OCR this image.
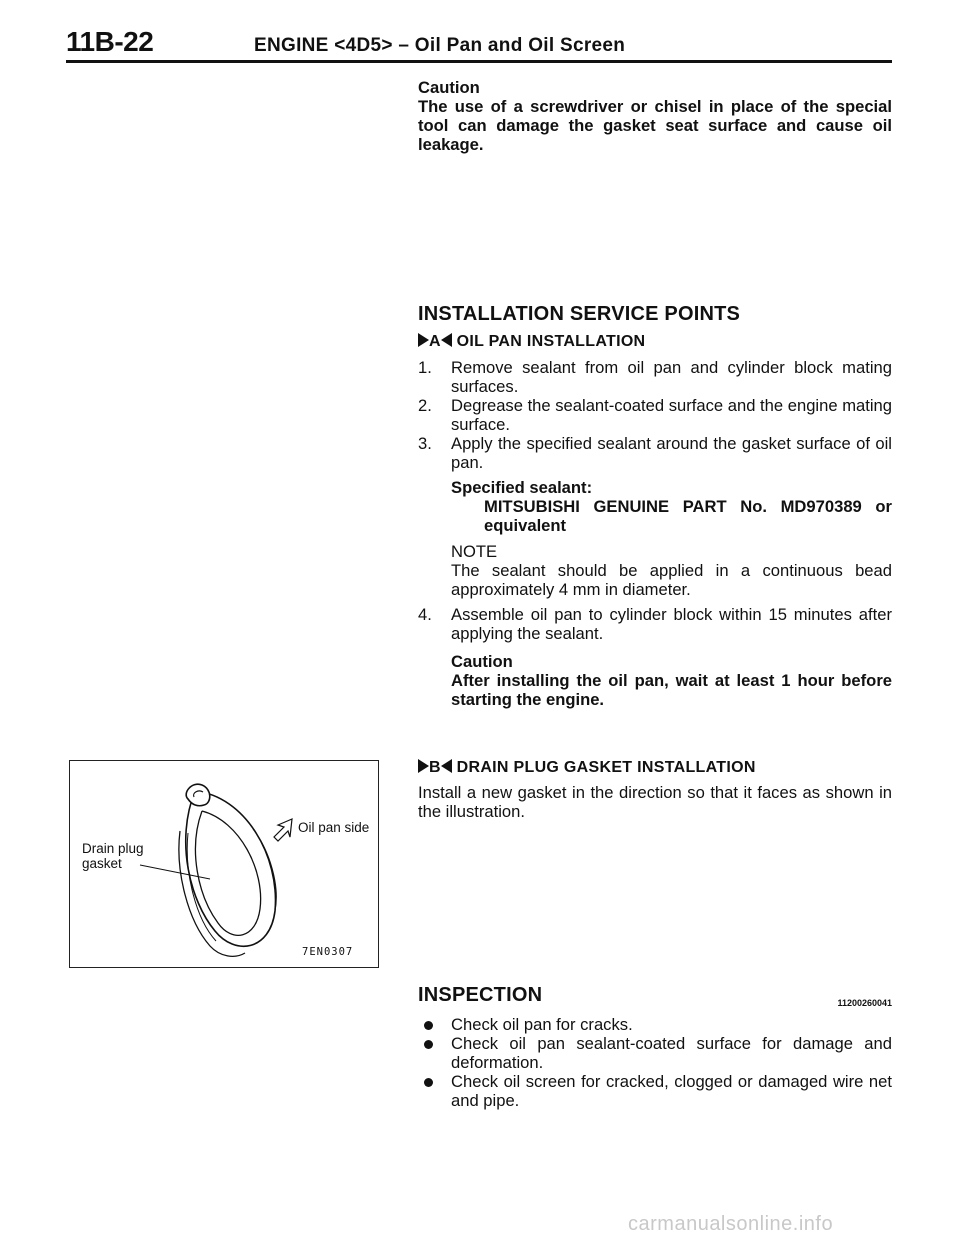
11B-22	ENGINE <4D5> – Oil Pan and Oil Screen
Caution
The use of a screwdriver or chisel in place of the special tool can damage the gasket seat surface and cause oil leakage.
INSTALLATION SERVICE POINTS
A OIL PAN INSTALLATION
1. Remove sealant from oil pan and cylinder block mating surfaces.
2. Degrease the sealant-coated surface and the engine mating surface.
3. Apply the specified sealant around the gasket surface of oil pan.
Specified sealant:
MITSUBISHI GENUINE PART No. MD970389 or equivalent
NOTE
The sealant should be applied in a continuous bead approximately 4 mm in diameter.
4. Assemble oil pan to cylinder block within 15 minutes after applying the sealant.
Caution
After installing the oil pan, wait at least 1 hour before starting the engine.
B DRAIN PLUG GASKET INSTALLATION
Install a new gasket in the direction so that it faces as shown in the illustration.
Drain plug
gasket
Oil pan side
7EN0307
INSPECTION	11200260041
Check oil pan for cracks.
Check oil pan sealant-coated surface for damage and deformation.
Check oil screen for cracked, clogged or damaged wire net and pipe.
carmanualsonline.info
